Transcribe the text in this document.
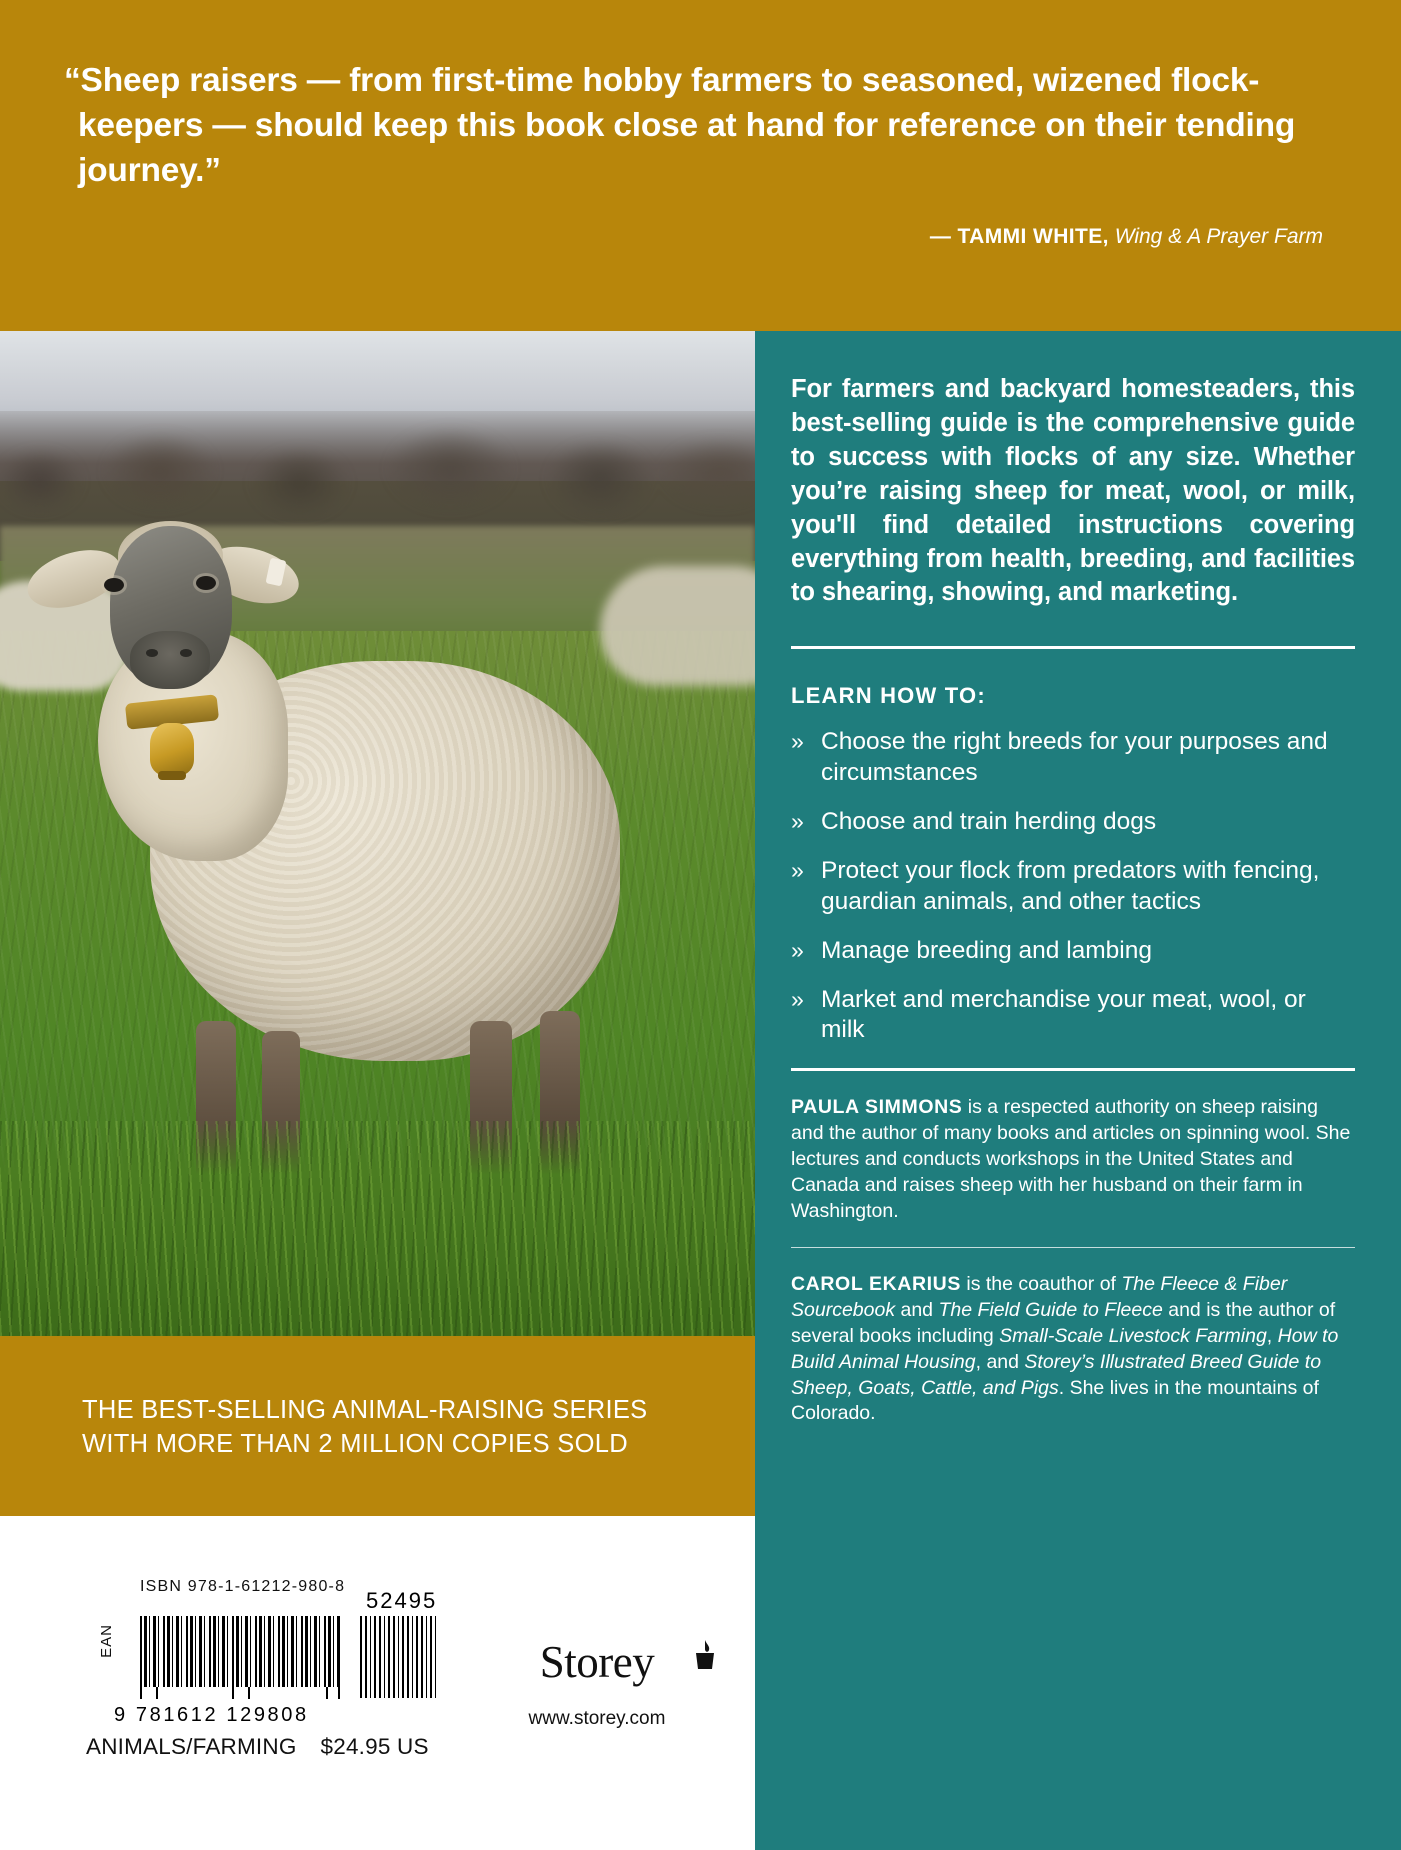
“Sheep raisers — from first-time hobby farmers to seasoned, wizened flock-keepers — should keep this book close at hand for reference on their tending journey.”

— TAMMI WHITE, Wing & A Prayer Farm
THE BEST-SELLING ANIMAL-RAISING SERIES
WITH MORE THAN 2 MILLION COPIES SOLD
ISBN 978-1-61212-980-8
EAN
9 781612 129808
52495
ANIMALS/FARMING $24.95 US
Storey
www.storey.com

For farmers and backyard homesteaders, this best-selling guide is the comprehensive guide to success with flocks of any size. Whether you’re raising sheep for meat, wool, or milk, you'll find detailed instructions covering everything from health, breeding, and facilities to shearing, showing, and marketing.

LEARN HOW TO:
» Choose the right breeds for your purposes and circumstances
» Choose and train herding dogs
» Protect your flock from predators with fencing, guardian animals, and other tactics
» Manage breeding and lambing
» Market and merchandise your meat, wool, or milk

PAULA SIMMONS is a respected authority on sheep raising and the author of many books and articles on spinning wool. She lectures and conducts workshops in the United States and Canada and raises sheep with her husband on their farm in Washington.

CAROL EKARIUS is the coauthor of The Fleece & Fiber Sourcebook and The Field Guide to Fleece and is the author of several books including Small-Scale Livestock Farming, How to Build Animal Housing, and Storey’s Illustrated Breed Guide to Sheep, Goats, Cattle, and Pigs. She lives in the mountains of Colorado.
